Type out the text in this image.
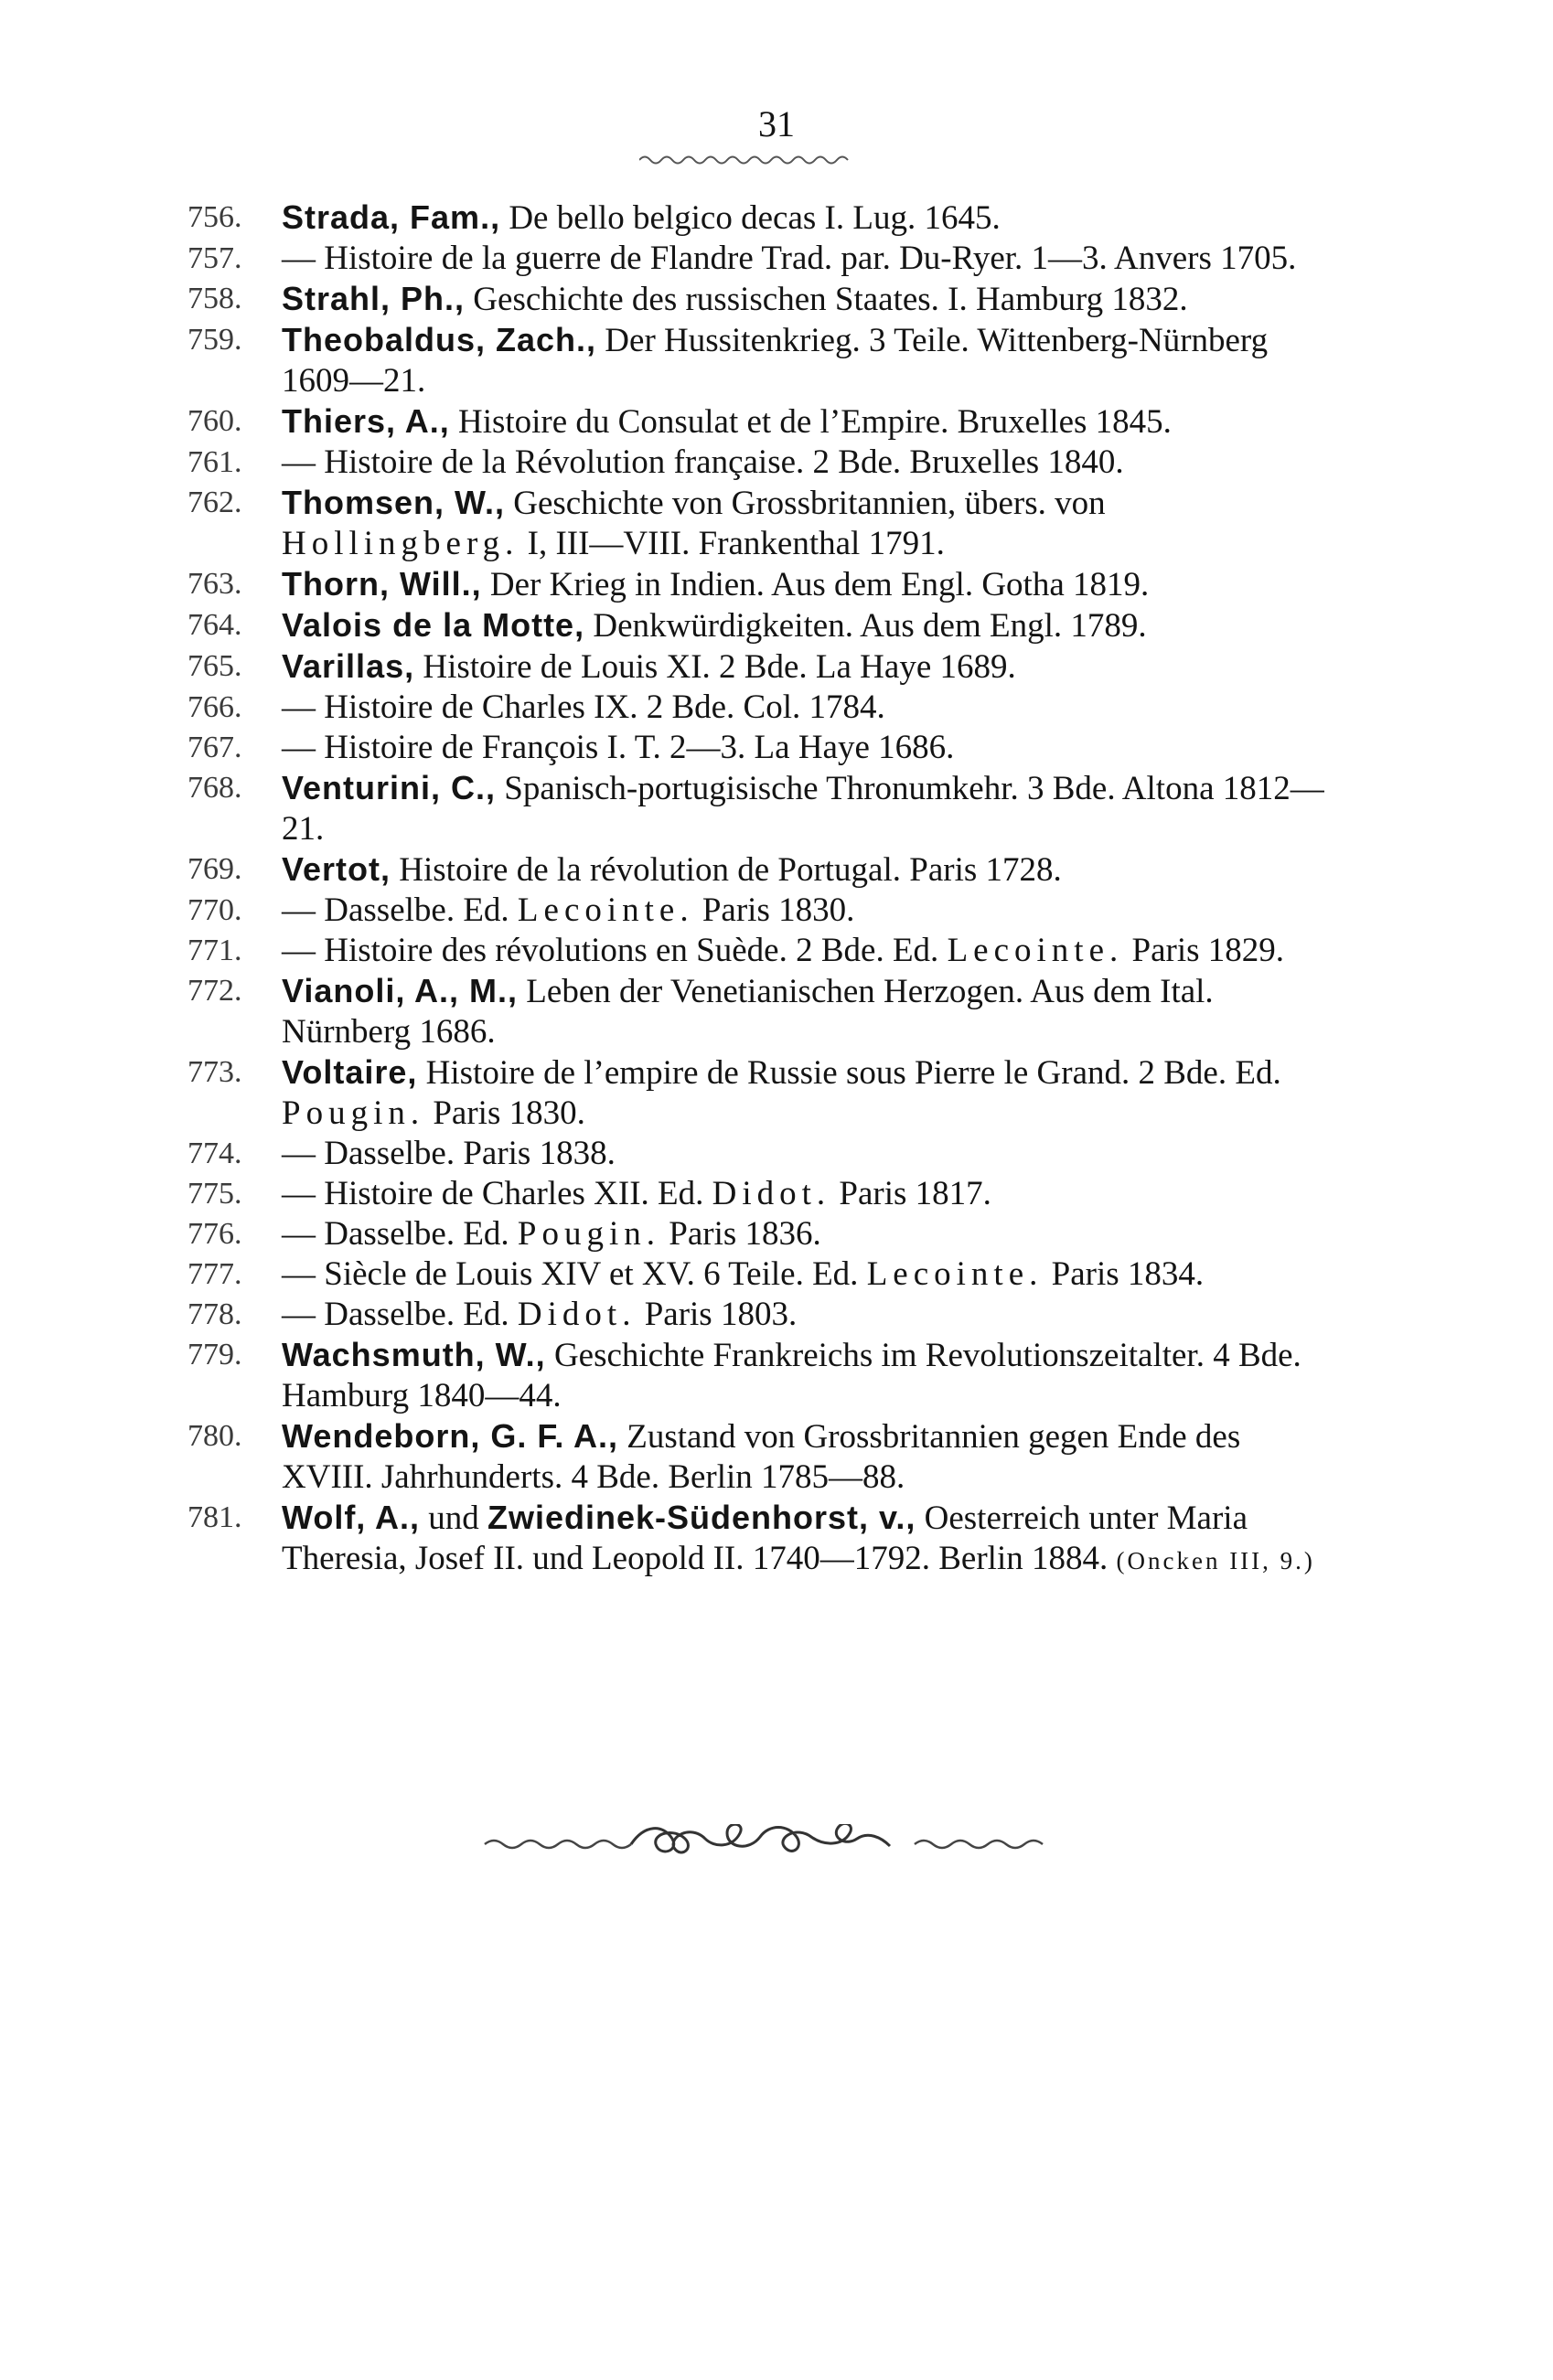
31
756.	Strada, Fam., De bello belgico decas I. Lug. 1645.
757.	— Histoire de la guerre de Flandre Trad. par. Du-Ryer. 1—3. Anvers 1705.
758.	Strahl, Ph., Geschichte des russischen Staates. I. Hamburg 1832.
759.	Theobaldus, Zach., Der Hussitenkrieg. 3 Teile. Wittenberg-Nürnberg 1609—21.
760.	Thiers, A., Histoire du Consulat et de l’Empire. Bruxelles 1845.
761.	— Histoire de la Révolution française. 2 Bde. Bruxelles 1840.
762.	Thomsen, W., Geschichte von Grossbritannien, übers. von Hollingberg. I, III—VIII. Frankenthal 1791.
763.	Thorn, Will., Der Krieg in Indien. Aus dem Engl. Gotha 1819.
764.	Valois de la Motte, Denkwürdigkeiten. Aus dem Engl. 1789.
765.	Varillas, Histoire de Louis XI. 2 Bde. La Haye 1689.
766.	— Histoire de Charles IX. 2 Bde. Col. 1784.
767.	— Histoire de François I. T. 2—3. La Haye 1686.
768.	Venturini, C., Spanisch-portugisische Thronumkehr. 3 Bde. Altona 1812—21.
769.	Vertot, Histoire de la révolution de Portugal. Paris 1728.
770.	— Dasselbe. Ed. Lecointe. Paris 1830.
771.	— Histoire des révolutions en Suède. 2 Bde. Ed. Lecointe. Paris 1829.
772.	Vianoli, A., M., Leben der Venetianischen Herzogen. Aus dem Ital. Nürnberg 1686.
773.	Voltaire, Histoire de l’empire de Russie sous Pierre le Grand. 2 Bde. Ed. Pougin. Paris 1830.
774.	— Dasselbe. Paris 1838.
775.	— Histoire de Charles XII. Ed. Didot. Paris 1817.
776.	— Dasselbe. Ed. Pougin. Paris 1836.
777.	— Siècle de Louis XIV et XV. 6 Teile. Ed. Lecointe. Paris 1834.
778.	— Dasselbe. Ed. Didot. Paris 1803.
779.	Wachsmuth, W., Geschichte Frankreichs im Revolutionszeitalter. 4 Bde. Hamburg 1840—44.
780.	Wendeborn, G. F. A., Zustand von Grossbritannien gegen Ende des XVIII. Jahrhunderts. 4 Bde. Berlin 1785—88.
781.	Wolf, A., und Zwiedinek-Südenhorst, v., Oesterreich unter Maria Theresia, Josef II. und Leopold II. 1740—1792. Berlin 1884. (Oncken III, 9.)
